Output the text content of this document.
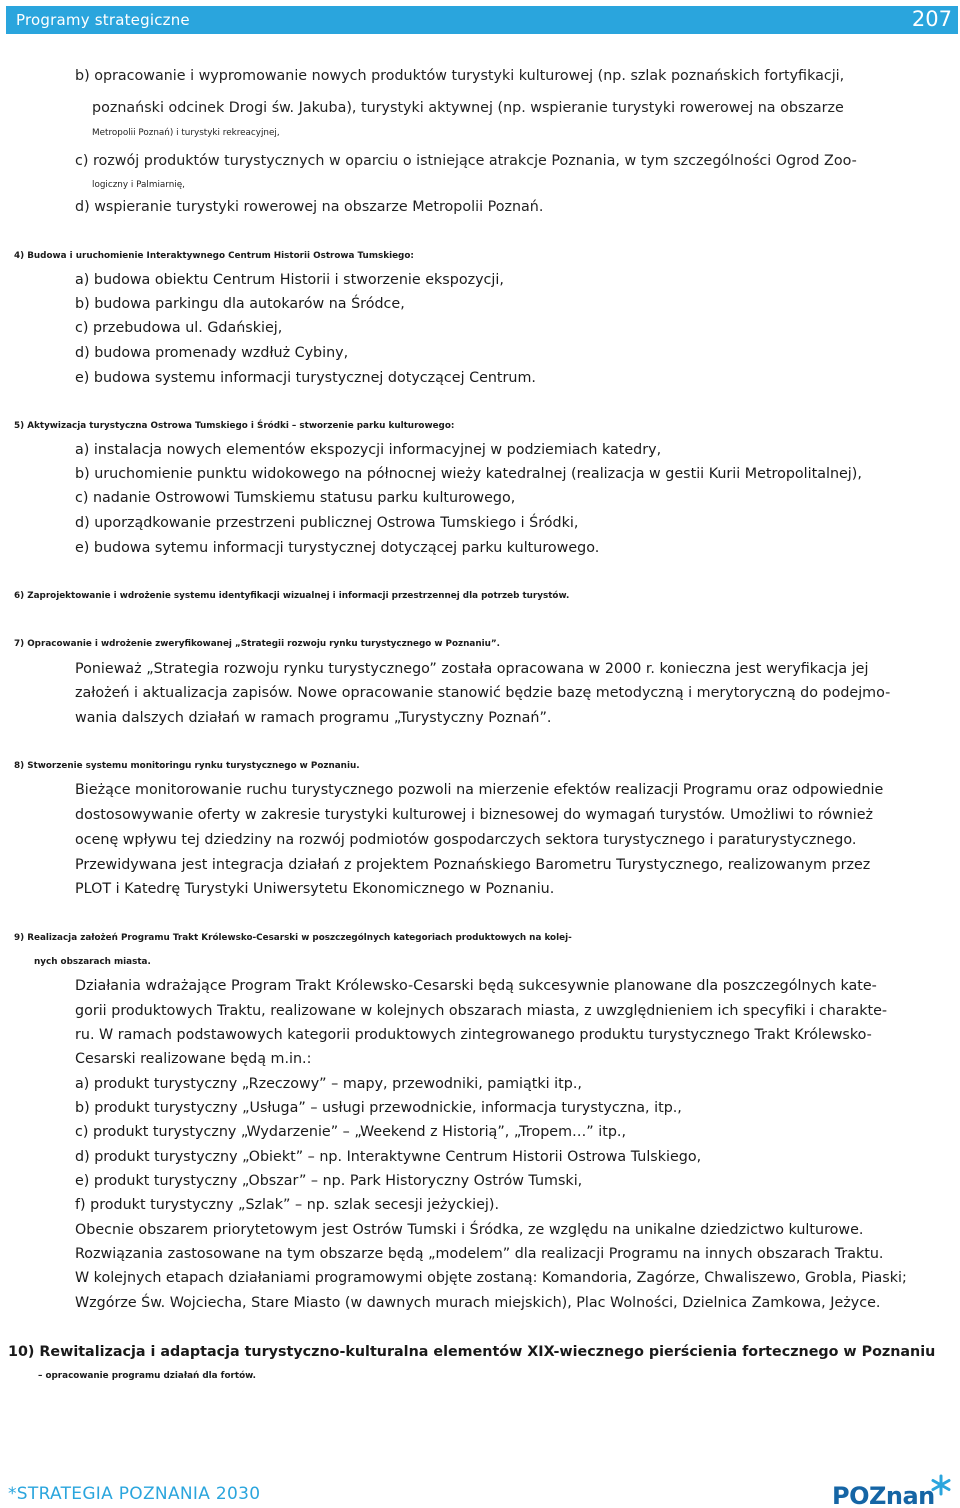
Programy strategiczne	207
b) opracowanie i wypromowanie nowych produktów turystyki kulturowej (np. szlak poznańskich fortyfikacji,
poznański odcinek Drogi św. Jakuba), turystyki aktywnej (np. wspieranie turystyki rowerowej na obszarze
Metropolii Poznań) i turystyki rekreacyjnej,
c) rozwój produktów turystycznych w oparciu o istniejące atrakcje Poznania, w tym szczególności Ogrod Zoo-
logiczny i Palmiarnię,
d) wspieranie turystyki rowerowej na obszarze Metropolii Poznań.
4) Budowa i uruchomienie Interaktywnego Centrum Historii Ostrowa Tumskiego:
a) budowa obiektu Centrum Historii i stworzenie ekspozycji,
b) budowa parkingu dla autokarów na Śródce,
c) przebudowa ul. Gdańskiej,
d) budowa promenady wzdłuż Cybiny,
e) budowa systemu informacji turystycznej dotyczącej Centrum.
5) Aktywizacja turystyczna Ostrowa Tumskiego i Śródki – stworzenie parku kulturowego:
a) instalacja nowych elementów ekspozycji informacyjnej w podziemiach katedry,
b) uruchomienie punktu widokowego na północnej wieży katedralnej (realizacja w gestii Kurii Metropolitalnej),
c) nadanie Ostrowowi Tumskiemu statusu parku kulturowego,
d) uporządkowanie przestrzeni publicznej Ostrowa Tumskiego i Śródki,
e) budowa sytemu informacji turystycznej dotyczącej parku kulturowego.
6) Zaprojektowanie i wdrożenie systemu identyfikacji wizualnej i informacji przestrzennej dla potrzeb turystów.
7) Opracowanie i wdrożenie zweryfikowanej „Strategii rozwoju rynku turystycznego w Poznaniu”.
Ponieważ „Strategia rozwoju rynku turystycznego” została opracowana w 2000 r. konieczna jest weryfikacja jej
założeń i aktualizacja zapisów. Nowe opracowanie stanowić będzie bazę metodyczną i merytoryczną do podejmo-
wania dalszych działań w ramach programu „Turystyczny Poznań”.
8) Stworzenie systemu monitoringu rynku turystycznego w Poznaniu.
Bieżące monitorowanie ruchu turystycznego pozwoli na mierzenie efektów realizacji Programu oraz odpowiednie
dostosowywanie oferty w zakresie turystyki kulturowej i biznesowej do wymagań turystów. Umożliwi to również
ocenę wpływu tej dziedziny na rozwój podmiotów gospodarczych sektora turystycznego i paraturystycznego.
Przewidywana jest integracja działań z projektem Poznańskiego Barometru Turystycznego, realizowanym przez
PLOT i Katedrę Turystyki Uniwersytetu Ekonomicznego w Poznaniu.
9) Realizacja założeń Programu Trakt Królewsko-Cesarski w poszczególnych kategoriach produktowych na kolej-
nych obszarach miasta.
Działania wdrażające Program Trakt Królewsko-Cesarski będą sukcesywnie planowane dla poszczególnych kate-
gorii produktowych Traktu, realizowane w kolejnych obszarach miasta, z uwzględnieniem ich specyfiki i charakte-
ru. W ramach podstawowych kategorii produktowych zintegrowanego produktu turystycznego Trakt Królewsko-
Cesarski realizowane będą m.in.:
a) produkt turystyczny „Rzeczowy” – mapy, przewodniki, pamiątki itp.,
b) produkt turystyczny „Usługa” – usługi przewodnickie, informacja turystyczna, itp.,
c) produkt turystyczny „Wydarzenie” – „Weekend z Historią”, „Tropem…” itp.,
d) produkt turystyczny „Obiekt” – np. Interaktywne Centrum Historii Ostrowa Tulskiego,
e) produkt turystyczny „Obszar” – np. Park Historyczny Ostrów Tumski,
f) produkt turystyczny „Szlak” – np. szlak secesji jeżyckiej).
Obecnie obszarem priorytetowym jest Ostrów Tumski i Śródka, ze względu na unikalne dziedzictwo kulturowe.
Rozwiązania zastosowane na tym obszarze będą „modelem” dla realizacji Programu na innych obszarach Traktu.
W kolejnych etapach działaniami programowymi objęte zostaną: Komandoria, Zagórze, Chwaliszewo, Grobla, Piaski;
Wzgórze Św. Wojciecha, Stare Miasto (w dawnych murach miejskich), Plac Wolności, Dzielnica Zamkowa, Jeżyce.
10) Rewitalizacja i adaptacja turystyczno-kulturalna elementów XIX-wiecznego pierścienia fortecznego w Poznaniu
– opracowanie programu działań dla fortów.
*STRATEGIA POZNANIA 2030	POZnan
